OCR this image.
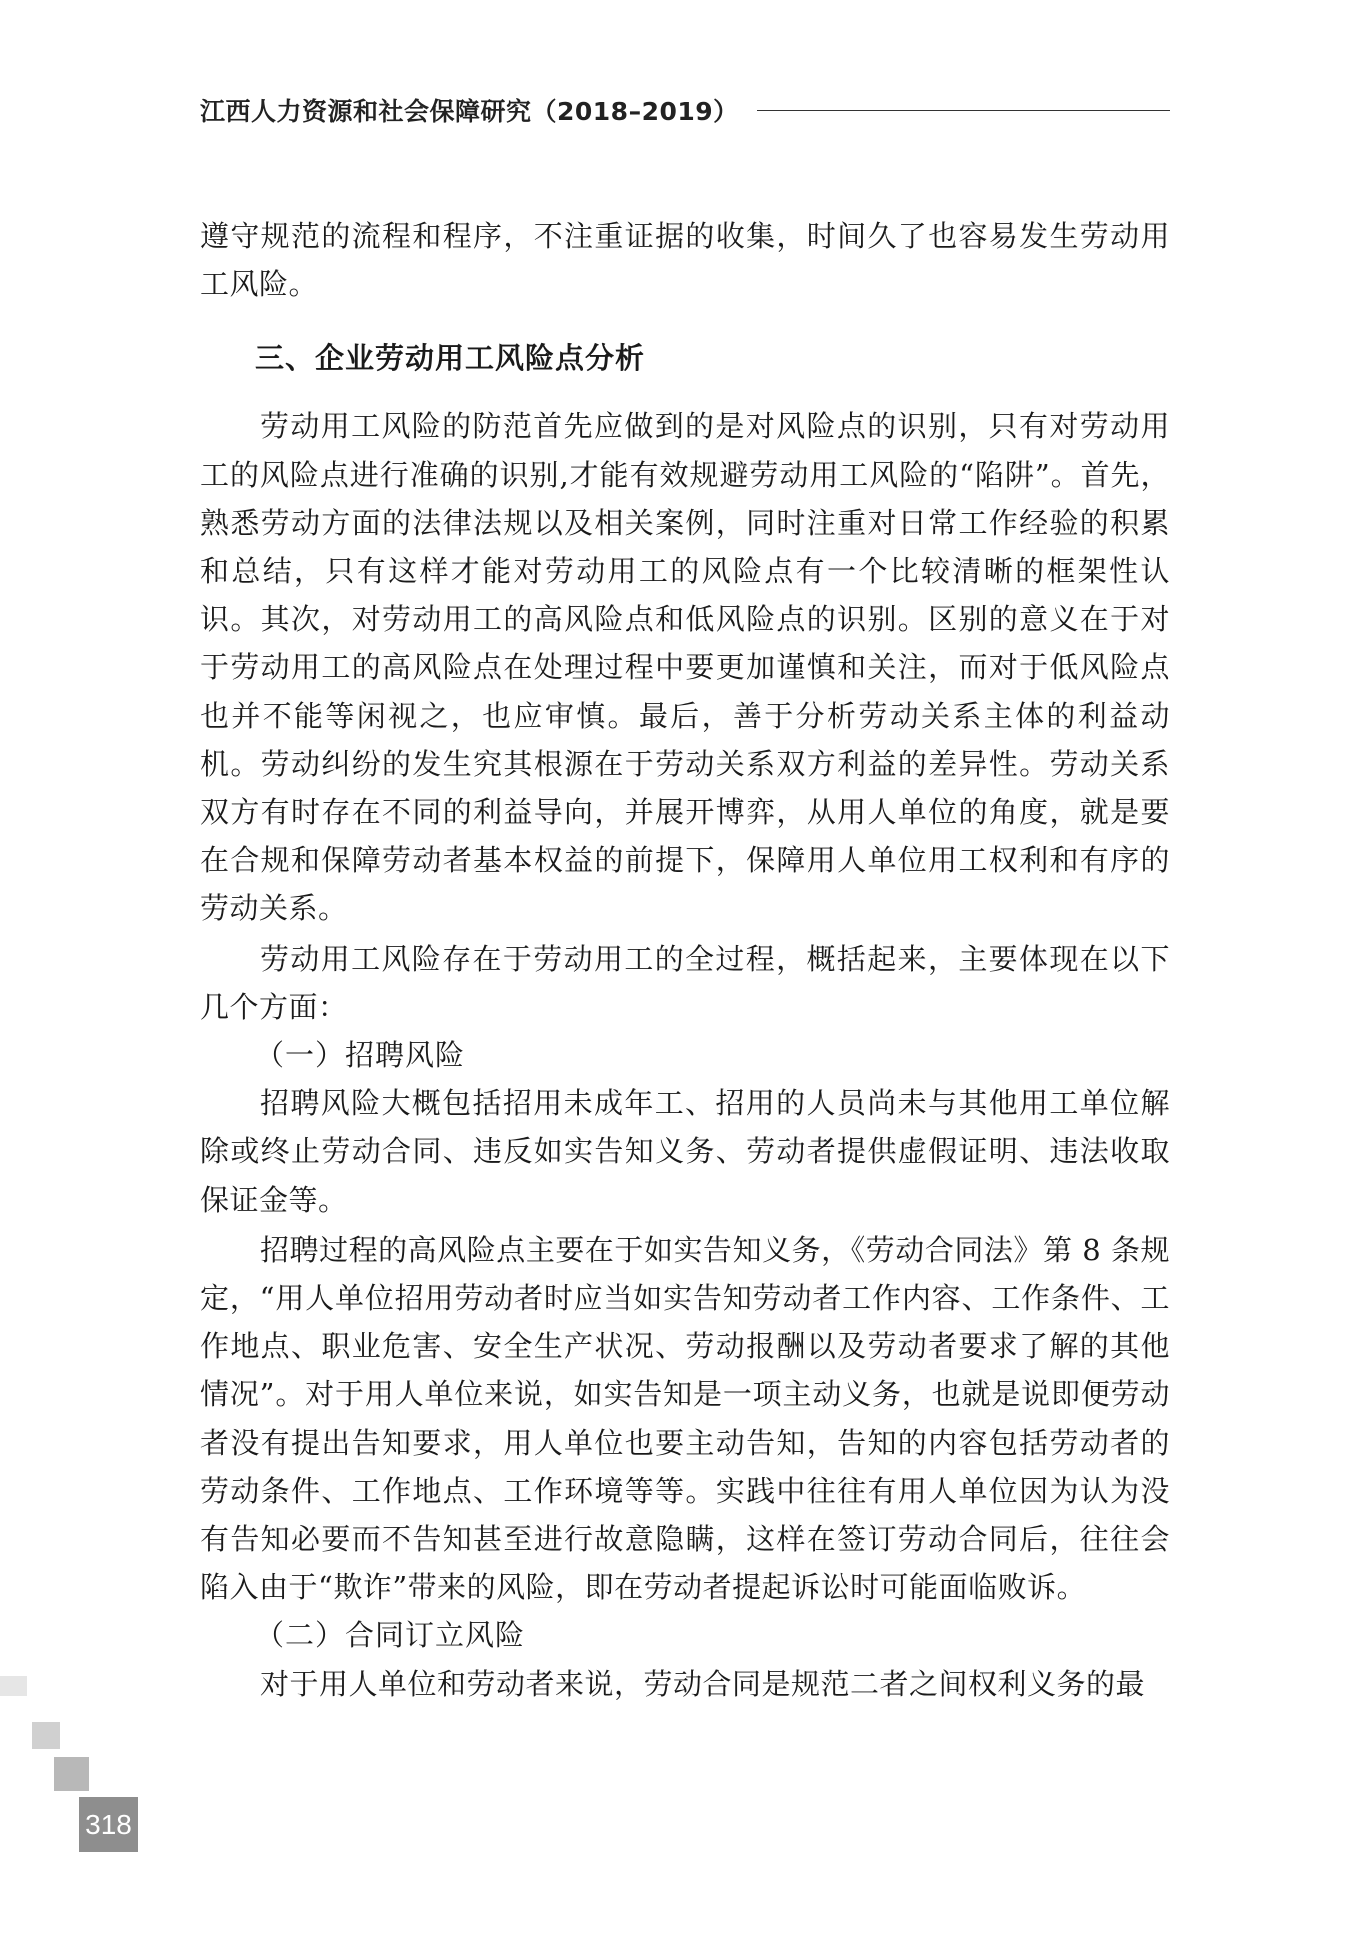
江西人力资源和社会保障研究（2018–2019）

遵守规范的流程和程序，不注重证据的收集，时间久了也容易发生劳动用工风险。

三、企业劳动用工风险点分析

劳动用工风险的防范首先应做到的是对风险点的识别，只有对劳动用工的风险点进行准确的识别,才能有效规避劳动用工风险的“陷阱”。首先，熟悉劳动方面的法律法规以及相关案例，同时注重对日常工作经验的积累和总结，只有这样才能对劳动用工的风险点有一个比较清晰的框架性认识。其次，对劳动用工的高风险点和低风险点的识别。区别的意义在于对于劳动用工的高风险点在处理过程中要更加谨慎和关注，而对于低风险点也并不能等闲视之，也应审慎。最后，善于分析劳动关系主体的利益动机。劳动纠纷的发生究其根源在于劳动关系双方利益的差异性。劳动关系双方有时存在不同的利益导向，并展开博弈，从用人单位的角度，就是要在合规和保障劳动者基本权益的前提下，保障用人单位用工权利和有序的劳动关系。

劳动用工风险存在于劳动用工的全过程，概括起来，主要体现在以下几个方面：

（一）招聘风险

招聘风险大概包括招用未成年工、招用的人员尚未与其他用工单位解除或终止劳动合同、违反如实告知义务、劳动者提供虚假证明、违法收取保证金等。

招聘过程的高风险点主要在于如实告知义务，《劳动合同法》第 8 条规定，“用人单位招用劳动者时应当如实告知劳动者工作内容、工作条件、工作地点、职业危害、安全生产状况、劳动报酬以及劳动者要求了解的其他情况”。对于用人单位来说，如实告知是一项主动义务，也就是说即便劳动者没有提出告知要求，用人单位也要主动告知，告知的内容包括劳动者的劳动条件、工作地点、工作环境等等。实践中往往有用人单位因为认为没有告知必要而不告知甚至进行故意隐瞒，这样在签订劳动合同后，往往会陷入由于“欺诈”带来的风险，即在劳动者提起诉讼时可能面临败诉。

（二）合同订立风险

对于用人单位和劳动者来说，劳动合同是规范二者之间权利义务的最

318
